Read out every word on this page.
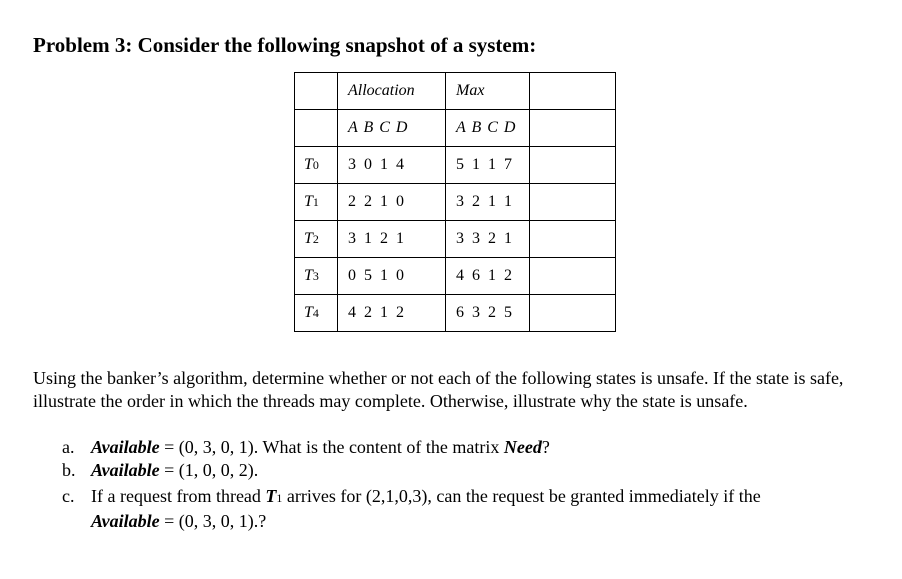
Problem 3: Consider the following snapshot of a system:
	Allocation	Max	
	A B C D	A B C D	
T0	3 0 1 4	5 1 1 7	
T1	2 2 1 0	3 2 1 1	
T2	3 1 2 1	3 3 2 1	
T3	0 5 1 0	4 6 1 2	
T4	4 2 1 2	6 3 2 5	
Using the banker’s algorithm, determine whether or not each of the following states is unsafe. If the state is safe, illustrate the order in which the threads may complete. Otherwise, illustrate why the state is unsafe.
a. Available = (0, 3, 0, 1). What is the content of the matrix Need?
b. Available = (1, 0, 0, 2).
c. If a request from thread T1 arrives for (2,1,0,3), can the request be granted immediately if the
Available = (0, 3, 0, 1).?
